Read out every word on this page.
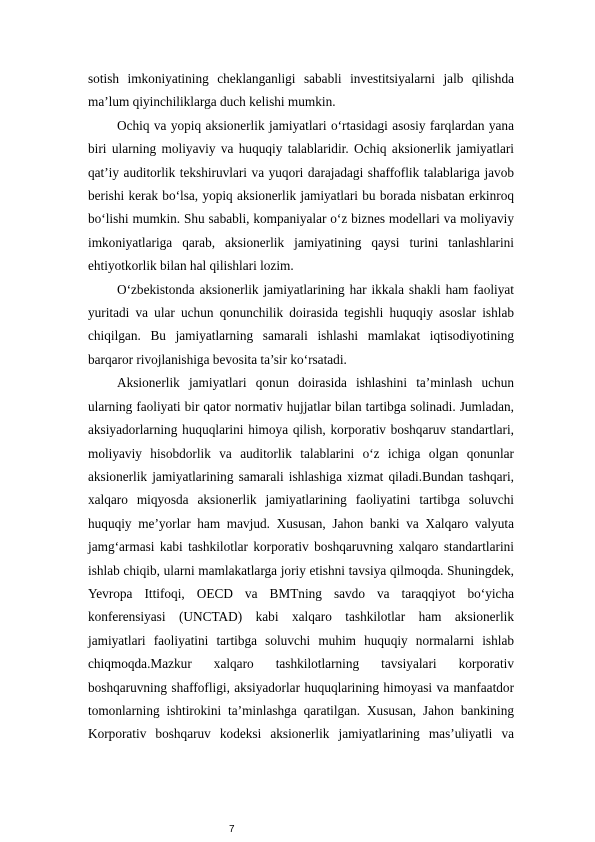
sotish imkoniyatining cheklanganligi sababli investitsiyalarni jalb qilishda ma’lum qiyinchiliklarga duch kelishi mumkin.

Ochiq va yopiq aksionerlik jamiyatlari o‘rtasidagi asosiy farqlardan yana biri ularning moliyaviy va huquqiy talablaridir. Ochiq aksionerlik jamiyatlari qat’iy auditorlik tekshiruvlari va yuqori darajadagi shaffoflik talablariga javob berishi kerak bo‘lsa, yopiq aksionerlik jamiyatlari bu borada nisbatan erkinroq bo‘lishi mumkin. Shu sababli, kompaniyalar o‘z biznes modellari va moliyaviy imkoniyatlariga qarab, aksionerlik jamiyatining qaysi turini tanlashlarini ehtiyotkorlik bilan hal qilishlari lozim.

O‘zbekistonda aksionerlik jamiyatlarining har ikkala shakli ham faoliyat yuritadi va ular uchun qonunchilik doirasida tegishli huquqiy asoslar ishlab chiqilgan. Bu jamiyatlarning samarali ishlashi mamlakat iqtisodiyotining barqaror rivojlanishiga bevosita ta’sir ko‘rsatadi.

Aksionerlik jamiyatlari qonun doirasida ishlashini ta’minlash uchun ularning faoliyati bir qator normativ hujjatlar bilan tartibga solinadi. Jumladan, aksiyadorlarning huquqlarini himoya qilish, korporativ boshqaruv standartlari, moliyaviy hisobdorlik va auditorlik talablarini o‘z ichiga olgan qonunlar aksionerlik jamiyatlarining samarali ishlashiga xizmat qiladi.Bundan tashqari, xalqaro miqyosda aksionerlik jamiyatlarining faoliyatini tartibga soluvchi huquqiy me’yorlar ham mavjud. Xususan, Jahon banki va Xalqaro valyuta jamg‘armasi kabi tashkilotlar korporativ boshqaruvning xalqaro standartlarini ishlab chiqib, ularni mamlakatlarga joriy etishni tavsiya qilmoqda. Shuningdek, Yevropa Ittifoqi, OECD va BMTning savdo va taraqqiyot bo‘yicha konferensiyasi (UNCTAD) kabi xalqaro tashkilotlar ham aksionerlik jamiyatlari faoliyatini tartibga soluvchi muhim huquqiy normalarni ishlab chiqmoqda.Mazkur xalqaro tashkilotlarning tavsiyalari korporativ boshqaruvning shaffofligi, aksiyadorlar huquqlarining himoyasi va manfaatdor tomonlarning ishtirokini ta’minlashga qaratilgan. Xususan, Jahon bankining Korporativ boshqaruv kodeksi aksionerlik jamiyatlarining mas’uliyatli va

7
